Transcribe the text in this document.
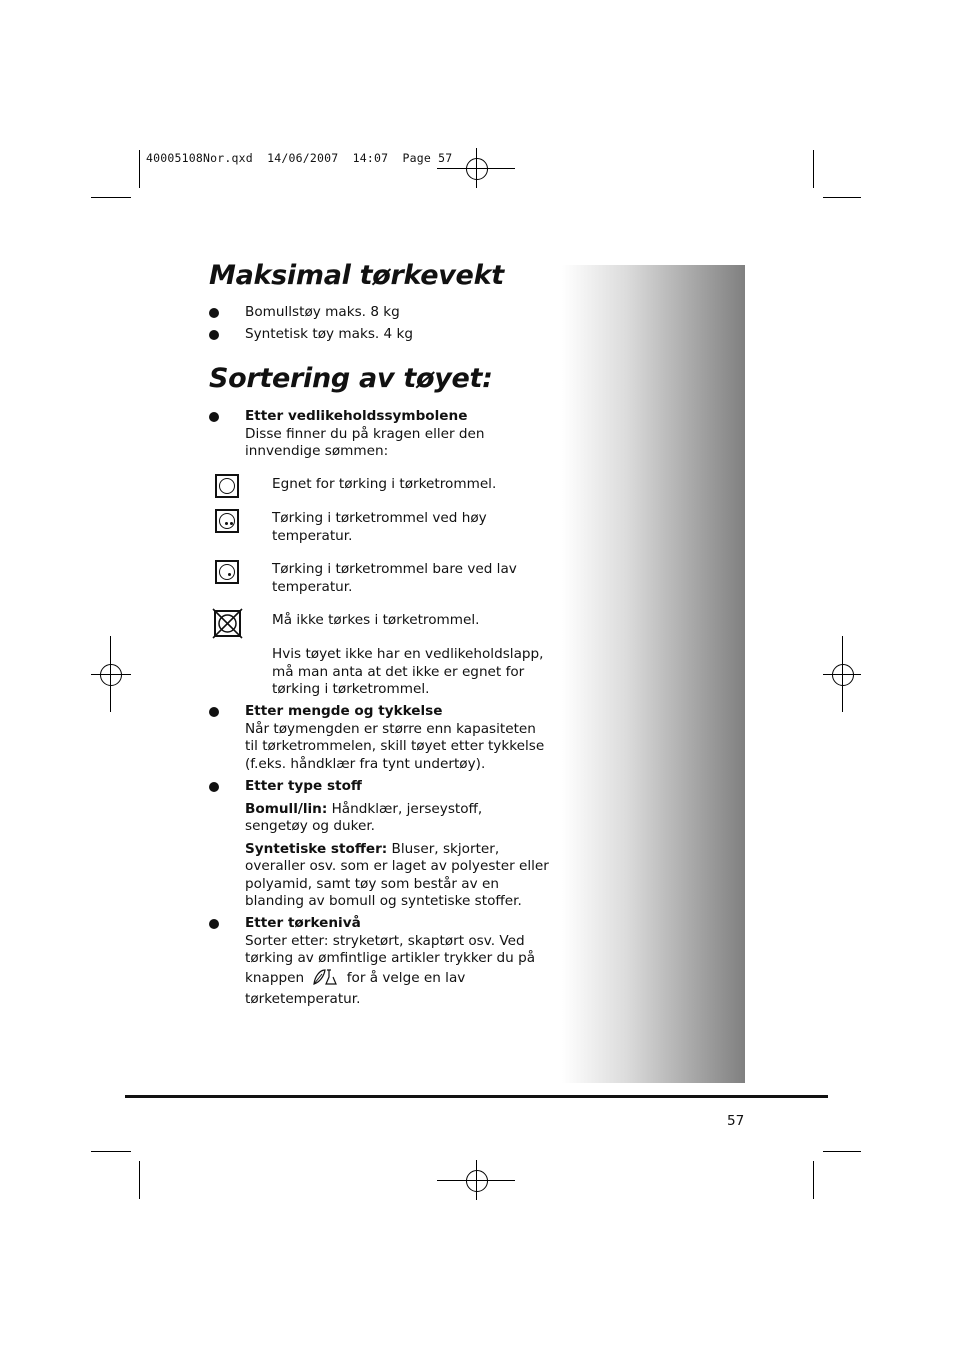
40005108Nor.qxd  14/06/2007  14:07  Page 57
Maksimal tørkevekt
Bomullstøy maks. 8 kg
Syntetisk tøy maks. 4 kg
Sortering av tøyet:
Etter vedlikeholdssymbolene
Disse finner du på kragen eller den innvendige sømmen:
Egnet for tørking i tørketrommel.
Tørking i tørketrommel ved høy temperatur.
Tørking i tørketrommel bare ved lav temperatur.
Må ikke tørkes i tørketrommel.
Hvis tøyet ikke har en vedlikeholdslapp, må man anta at det ikke er egnet for tørking i tørketrommel.
Etter mengde og tykkelse
Når tøymengden er større enn kapasiteten til tørketrommelen, skill tøyet etter tykkelse (f.eks. håndklær fra tynt undertøy).
Etter type stoff
Bomull/lin: Håndklær, jerseystoff, sengetøy og duker.
Syntetiske stoffer: Bluser, skjorter, overaller osv. som er laget av polyester eller polyamid, samt tøy som består av en blanding av bomull og syntetiske stoffer.
Etter tørkenivå
Sorter etter: stryketørt, skaptørt osv. Ved tørking av ømfintlige artikler trykker du på knappen	for å velge en lav tørketemperatur.
57
